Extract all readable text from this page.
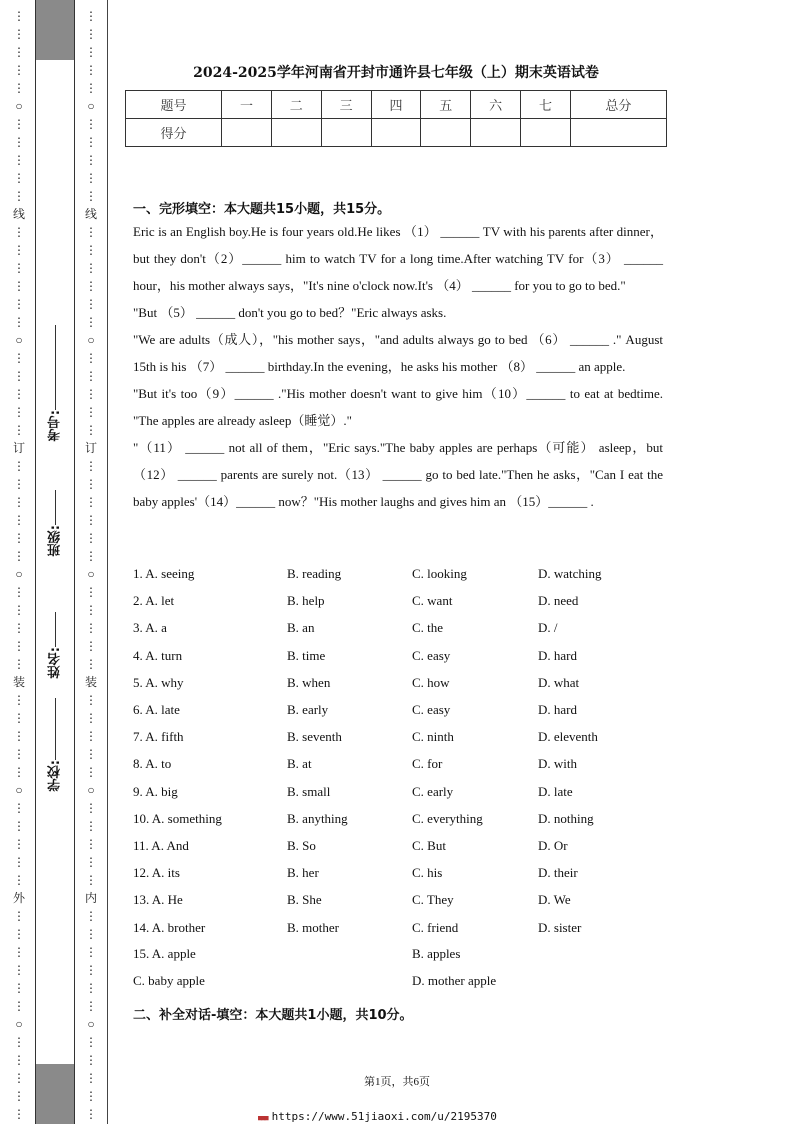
⋮
⋮
⋮
⋮
⋮
○
⋮
⋮
⋮
⋮
⋮
线
⋮
⋮
⋮
⋮
⋮
⋮
○
⋮
⋮
⋮
⋮
⋮
订
⋮
⋮
⋮
⋮
⋮
⋮
○
⋮
⋮
⋮
⋮
⋮
装
⋮
⋮
⋮
⋮
⋮
○
⋮
⋮
⋮
⋮
⋮
外
⋮
⋮
⋮
⋮
⋮
⋮
○
⋮
⋮
⋮
⋮
⋮
⋮
⋮
⋮
⋮
⋮
○
⋮
⋮
⋮
⋮
⋮
线
⋮
⋮
⋮
⋮
⋮
⋮
○
⋮
⋮
⋮
⋮
⋮
订
⋮
⋮
⋮
⋮
⋮
⋮
○
⋮
⋮
⋮
⋮
⋮
装
⋮
⋮
⋮
⋮
⋮
○
⋮
⋮
⋮
⋮
⋮
内
⋮
⋮
⋮
⋮
⋮
⋮
○
⋮
⋮
⋮
⋮
⋮
考号:
班级:
姓名:
学校:
2024-2025学年河南省开封市通许县七年级（上）期末英语试卷
题号	一	二	三	四	五	六	七	总分
得分								
一、完形填空：本大题共15小题，共15分。

Eric is an English boy.He is four years old.He likes （1） ______ TV with his parents after dinner，but they don't（2）______ him to watch TV for a long time.After watching TV for（3） ______ hour，his mother always says，"It's nine o'clock now.It's （4） ______ for you to go to bed."

"But （5） ______ don't you go to bed？"Eric always asks.

"We are adults（成人），"his mother says，"and adults always go to bed （6） ______ ." August 15th is his （7） ______ birthday.In the evening，he asks his mother （8） ______ an apple.

"But it's too（9）______ ."His mother doesn't want to give him（10）______ to eat at bedtime. "The apples are already asleep（睡觉）."

"（11） ______ not all of them，"Eric says."The baby apples are perhaps（可能） asleep，but （12） ______ parents are surely not.（13） ______ go to bed late."Then he asks，"Can I eat the baby apples'（14）______ now？"His mother laughs and gives him an （15）______ .

1. A. seeing	B. reading	C. looking	D. watching
2. A. let	B. help	C. want	D. need
3. A. a	B. an	C. the	D. /
4. A. turn	B. time	C. easy	D. hard
5. A. why	B. when	C. how	D. what
6. A. late	B. early	C. easy	D. hard
7. A. fifth	B. seventh	C. ninth	D. eleventh
8. A. to	B. at	C. for	D. with
9. A. big	B. small	C. early	D. late
10. A. something	B. anything	C. everything	D. nothing
11. A. And	B. So	C. But	D. Or
12. A. its	B. her	C. his	D. their
13. A. He	B. She	C. They	D. We
14. A. brother	B. mother	C. friend	D. sister
15. A. apple	B. apples
C. baby apple	D. mother apple
二、补全对话-填空：本大题共1小题，共10分。
第1页，共6页
■■■ https://www.51jiaoxi.com/u/2195370
